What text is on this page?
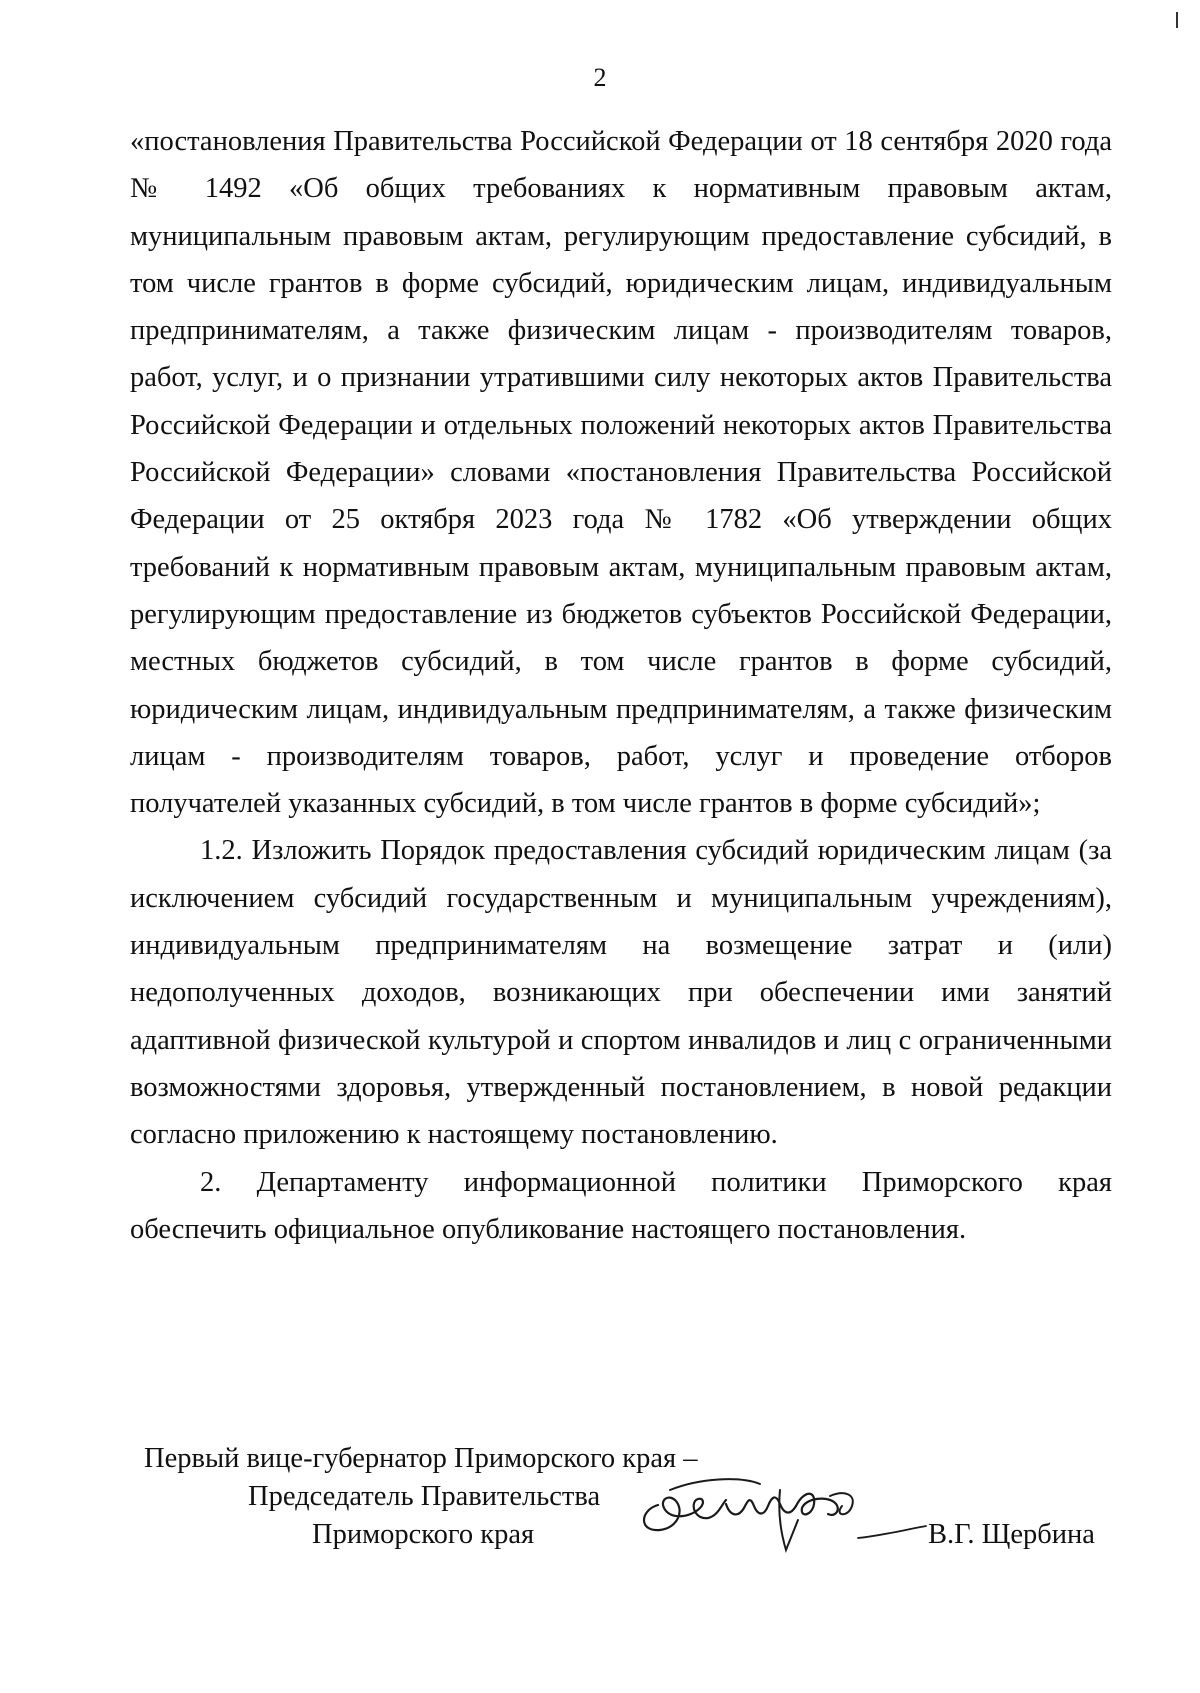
2

«постановления Правительства Российской Федерации от 18 сентября 2020 года № 1492 «Об общих требованиях к нормативным правовым актам, муниципальным правовым актам, регулирующим предоставление субсидий, в том числе грантов в форме субсидий, юридическим лицам, индивидуальным предпринимателям, а также физическим лицам - производителям товаров, работ, услуг, и о признании утратившими силу некоторых актов Правительства Российской Федерации и отдельных положений некоторых актов Правительства Российской Федерации» словами «постановления Правительства Российской Федерации от 25 октября 2023 года № 1782 «Об утверждении общих требований к нормативным правовым актам, муниципальным правовым актам, регулирующим предоставление из бюджетов субъектов Российской Федерации, местных бюджетов субсидий, в том числе грантов в форме субсидий, юридическим лицам, индивидуальным предпринимателям, а также физическим лицам - производителям товаров, работ, услуг и проведение отборов получателей указанных субсидий, в том числе грантов в форме субсидий»;

1.2. Изложить Порядок предоставления субсидий юридическим лицам (за исключением субсидий государственным и муниципальным учреждениям), индивидуальным предпринимателям на возмещение затрат и (или) недополученных доходов, возникающих при обеспечении ими занятий адаптивной физической культурой и спортом инвалидов и лиц с ограниченными возможностями здоровья, утвержденный постановлением, в новой редакции согласно приложению к настоящему постановлению.

2. Департаменту информационной политики Приморского края обеспечить официальное опубликование настоящего постановления.

Первый вице-губернатор Приморского края –
Председатель Правительства
Приморского края	В.Г. Щербина
